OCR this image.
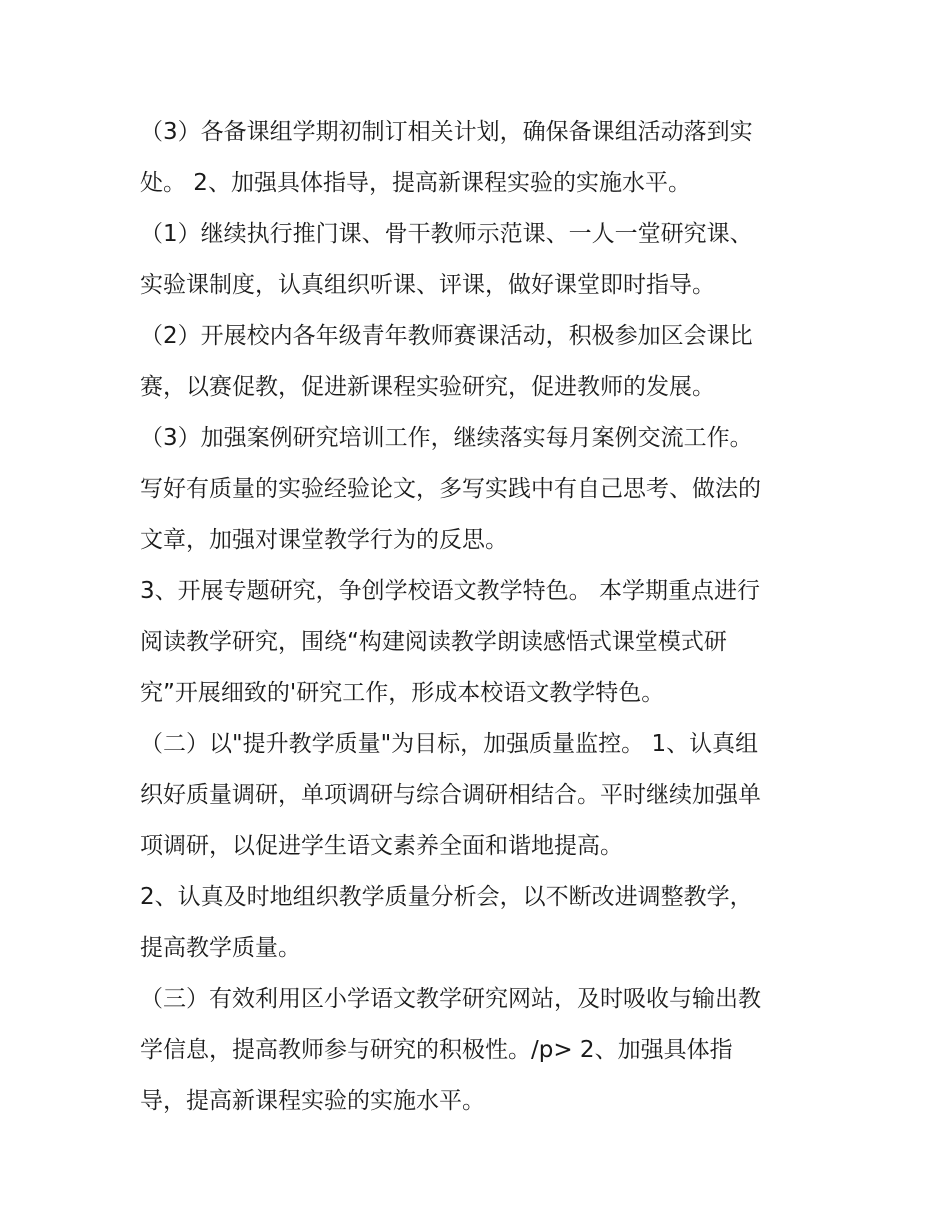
（3）各备课组学期初制订相关计划，确保备课组活动落到实
处。 2、加强具体指导，提高新课程实验的实施水平。
（1）继续执行推门课、骨干教师示范课、一人一堂研究课、
实验课制度，认真组织听课、评课，做好课堂即时指导。
（2）开展校内各年级青年教师赛课活动，积极参加区会课比
赛，以赛促教，促进新课程实验研究，促进教师的发展。
（3）加强案例研究培训工作，继续落实每月案例交流工作。
写好有质量的实验经验论文，多写实践中有自己思考、做法的
文章，加强对课堂教学行为的反思。
3、开展专题研究，争创学校语文教学特色。 本学期重点进行
阅读教学研究，围绕“构建阅读教学朗读感悟式课堂模式研
究”开展细致的'研究工作，形成本校语文教学特色。
（二）以"提升教学质量"为目标，加强质量监控。 1、认真组
织好质量调研，单项调研与综合调研相结合。平时继续加强单
项调研，以促进学生语文素养全面和谐地提高。
2、认真及时地组织教学质量分析会，以不断改进调整教学，
提高教学质量。
（三）有效利用区小学语文教学研究网站，及时吸收与输出教
学信息，提高教师参与研究的积极性。/p> 2、加强具体指
导，提高新课程实验的实施水平。
